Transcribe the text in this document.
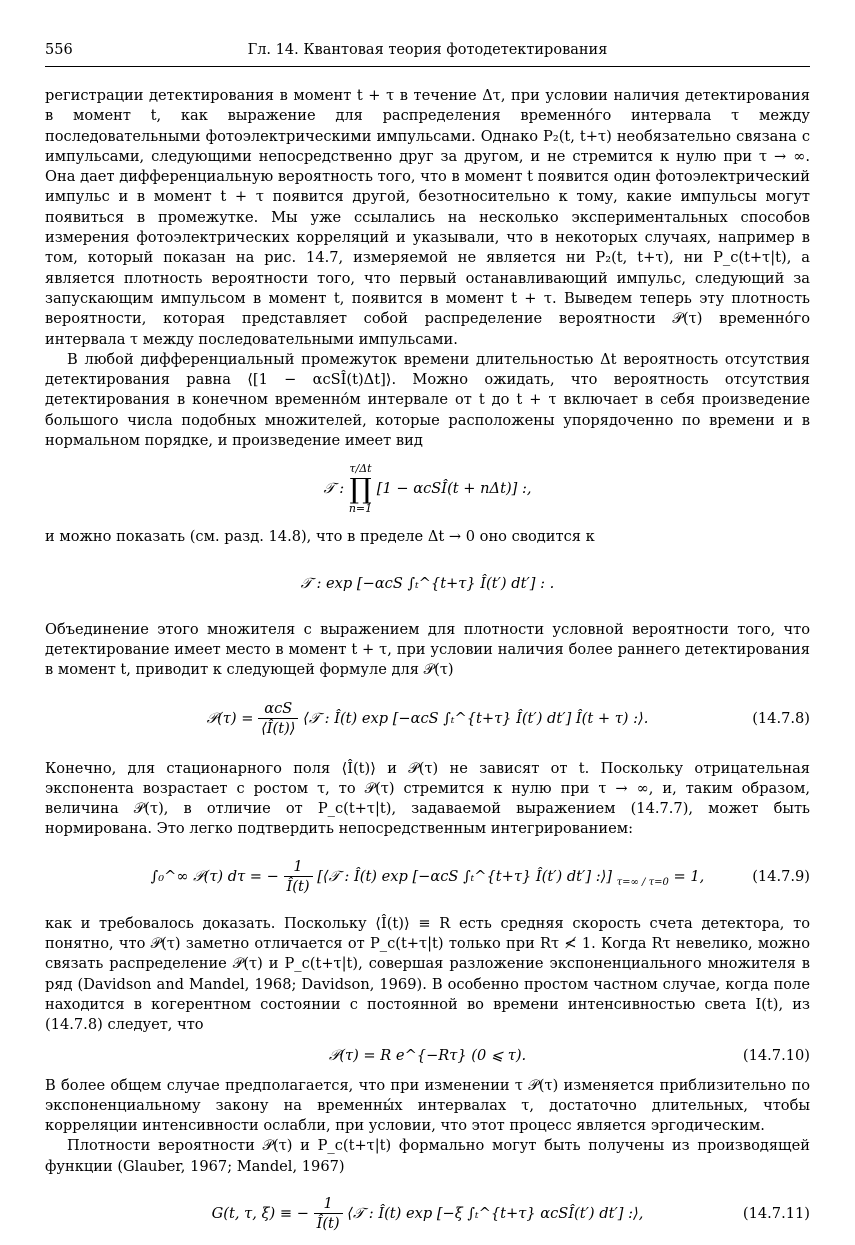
556	Гл. 14. Квантовая теория фотодетектирования

регистрации детектирования в момент t + τ в течение Δτ, при условии наличия детектирования в момент t, как выражение для распределения временно́го интервала τ между последовательными фотоэлектрическими импульсами. Однако P₂(t, t+τ) необязательно связана с импульсами, следующими непосредственно друг за другом, и не стремится к нулю при τ → ∞. Она дает дифференциальную вероятность того, что в момент t появится один фотоэлектрический импульс и в момент t + τ появится другой, безотносительно к тому, какие импульсы могут появиться в промежутке. Мы уже ссылались на несколько экспериментальных способов измерения фотоэлектрических корреляций и указывали, что в некоторых случаях, например в том, который показан на рис. 14.7, измеряемой не является ни P₂(t, t+τ), ни P_c(t+τ|t), а является плотность вероятности того, что первый останавливающий импульс, следующий за запускающим импульсом в момент t, появится в момент t + τ. Выведем теперь эту плотность вероятности, которая представляет собой распределение вероятности 𝒫(τ) временно́го интервала τ между последовательными импульсами.

В любой дифференциальный промежуток времени длительностью Δt вероятность отсутствия детектирования равна ⟨[1 − αcSÎ(t)Δt]⟩. Можно ожидать, что вероятность отсутствия детектирования в конечном временно́м интервале от t до t + τ включает в себя произведение большого числа подобных множителей, которые расположены упорядоченно по времени и в нормальном порядке, и произведение имеет вид

𝒯 :
τ/Δt
∏
n=1
[1 − αcSÎ(t + nΔt)] :,

и можно показать (см. разд. 14.8), что в пределе Δt → 0 оно сводится к

𝒯 : exp [−αcS ∫ₜ^{t+τ} Î(t′) dt′] : .

Объединение этого множителя с выражением для плотности условной вероятности того, что детектирование имеет место в момент t + τ, при условии наличия более раннего детектирования в момент t, приводит к следующей формуле для 𝒫(τ)

𝒫(τ) = $\frac{\text{αcS}}{⟨Î(t)⟩}$ ⟨𝒯 : Î(t) exp [−αcS ∫ₜ^{t+τ} Î(t′) dt′] Î(t + τ) :⟩.	(14.7.8)

Конечно, для стационарного поля ⟨Î(t)⟩ и 𝒫(τ) не зависят от t. Поскольку отрицательная экспонента возрастает с ростом τ, то 𝒫(τ) стремится к нулю при τ → ∞, и, таким образом, величина 𝒫(τ), в отличие от P_c(t+τ|t), задаваемой выражением (14.7.7), может быть нормирована. Это легко подтвердить непосредственным интегрированием:

∫₀^∞ 𝒫(τ) dτ = − $\frac{1}{Î(t)}$ [⟨𝒯 : Î(t) exp [−αcS ∫ₜ^{t+τ} Î(t′) dt′] :⟩] $_{\tau=\infty / \tau=0}$ = 1,	(14.7.9)

как и требовалось доказать. Поскольку ⟨Î(t)⟩ ≡ R есть средняя скорость счета детектора, то понятно, что 𝒫(τ) заметно отличается от P_c(t+τ|t) только при Rτ ≮ 1. Когда Rτ невелико, можно связать распределение 𝒫(τ) и P_c(t+τ|t), совершая разложение экспоненциального множителя в ряд (Davidson and Mandel, 1968; Davidson, 1969). В особенно простом частном случае, когда поле находится в когерентном состоянии с постоянной во времени интенсивностью света I(t), из (14.7.8) следует, что

𝒫(τ) = R e^{−Rτ} (0 ⩽ τ).	(14.7.10)

В более общем случае предполагается, что при изменении τ 𝒫(τ) изменяется приблизительно по экспоненциальному закону на временны́х интервалах τ, достаточно длительных, чтобы корреляции интенсивности ослабли, при условии, что этот процесс является эргодическим.

Плотности вероятности 𝒫(τ) и P_c(t+τ|t) формально могут быть получены из производящей функции (Glauber, 1967; Mandel, 1967)

G(t, τ, ξ) ≡ − $\frac{1}{Î(t)}$ ⟨𝒯 : Î(t) exp [−ξ ∫ₜ^{t+τ} αcSÎ(t′) dt′] :⟩,	(14.7.11)
